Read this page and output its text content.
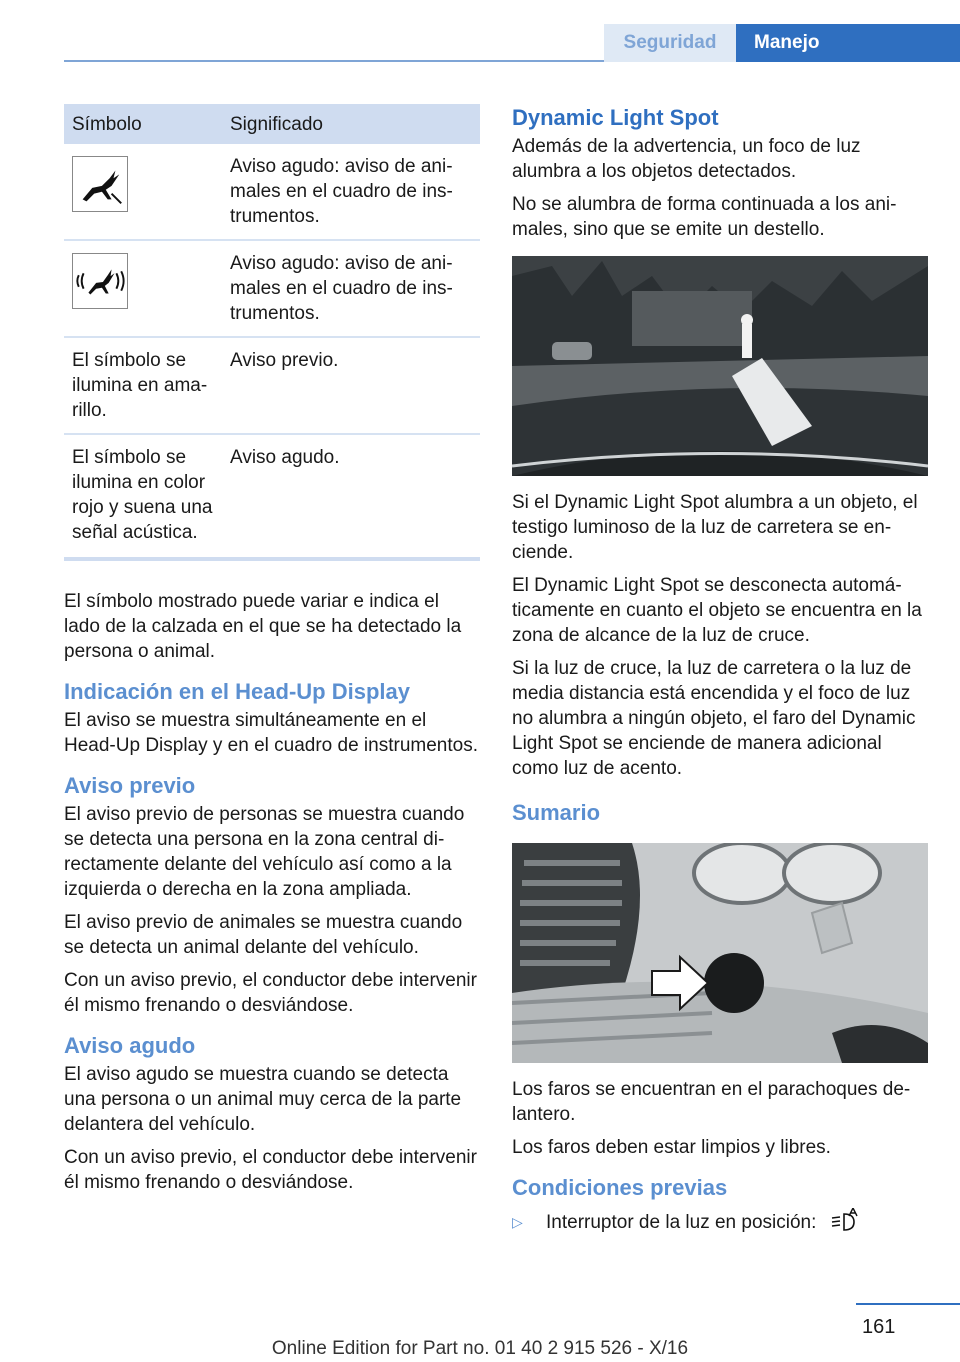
Seguridad	Manejo
Símbolo	Significado

	Aviso agudo: aviso de animales en el cuadro de instrumentos.

	Aviso agudo: aviso de animales en el cuadro de instrumentos.
El símbolo se ilumina en amarillo.	Aviso previo.
El símbolo se ilumina en color rojo y suena una señal acústica.	Aviso agudo.

El símbolo mostrado puede variar e indica el lado de la calzada en el que se ha detectado la persona o animal.

Indicación en el Head-Up Display

El aviso se muestra simultáneamente en el Head-Up Display y en el cuadro de instrumentos.

Aviso previo

El aviso previo de personas se muestra cuando se detecta una persona en la zona central directamente delante del vehículo así como a la izquierda o derecha en la zona ampliada.

El aviso previo de animales se muestra cuando se detecta un animal delante del vehículo.

Con un aviso previo, el conductor debe intervenir él mismo frenando o desviándose.

Aviso agudo

El aviso agudo se muestra cuando se detecta una persona o un animal muy cerca de la parte delantera del vehículo.

Con un aviso previo, el conductor debe intervenir él mismo frenando o desviándose.

Dynamic Light Spot

Además de la advertencia, un foco de luz alumbra a los objetos detectados.

No se alumbra de forma continuada a los animales, sino que se emite un destello.

Si el Dynamic Light Spot alumbra a un objeto, el testigo luminoso de la luz de carretera se enciende.

El Dynamic Light Spot se desconecta automáticamente en cuanto el objeto se encuentra en la zona de alcance de la luz de cruce.

Si la luz de cruce, la luz de carretera o la luz de media distancia está encendida y el foco de luz no alumbra a ningún objeto, el faro del Dynamic Light Spot se enciende de manera adicional como luz de acento.

Sumario

Los faros se encuentran en el parachoques delantero.

Los faros deben estar limpios y libres.

Condiciones previas
▷	Interruptor de la luz en posición:
161
Online Edition for Part no. 01 40 2 915 526 - X/16
